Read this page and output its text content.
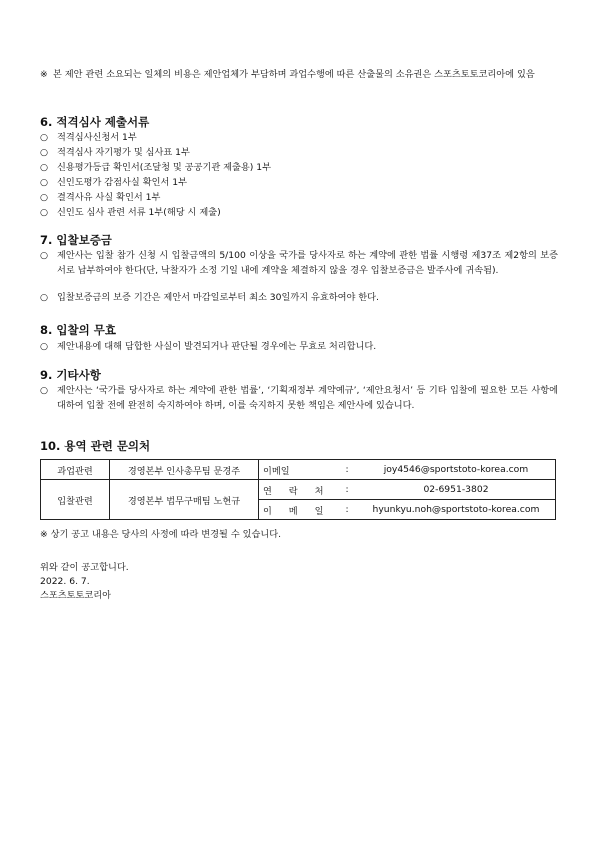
※ 본 제안 관련 소요되는 일체의 비용은 제안업체가 부담하며 과업수행에 따른 산출물의 소유권은 스포츠토토코리아에 있음
6. 적격심사 제출서류
○ 적격심사신청서 1부
○ 적격심사 자기평가 및 심사표 1부
○ 신용평가등급 확인서(조달청 및 공공기관 제출용) 1부
○ 신인도평가 감점사실 확인서 1부
○ 결격사유 사실 확인서 1부
○ 신인도 심사 관련 서류 1부(해당 시 제출)
7. 입찰보증금
○ 제안사는 입찰 참가 신청 시 입찰금액의 5/100 이상을 국가를 당사자로 하는 계약에 관한 법률 시행령 제37조 제2항의 보증서로 납부하여야 한다(단, 낙찰자가 소정 기일 내에 계약을 체결하지 않을 경우 입찰보증금은 발주사에 귀속됨).
○ 입찰보증금의 보증 기간은 제안서 마감일로부터 최소 30일까지 유효하여야 한다.
8. 입찰의 무효
○ 제안내용에 대해 담합한 사실이 발견되거나 판단될 경우에는 무효로 처리합니다.
9. 기타사항
○ 제안사는 ‘국가를 당사자로 하는 계약에 관한 법률’, ‘기획재정부 계약예규’, ‘제안요청서’ 등 기타 입찰에 필요한 모든 사항에 대하여 입찰 전에 완전히 숙지하여야 하며, 이를 숙지하지 못한 책임은 제안사에 있습니다.
10. 용역 관련 문의처
과업관련	경영본부 인사총무팀 문경주	이메일	:	joy4546@sportstoto-korea.com
입찰관련	경영본부 법무구매팀 노현규	연 락 처	:	02-6951-3802
		이 메 일	:	hyunkyu.noh@sportstoto-korea.com
※ 상기 공고 내용은 당사의 사정에 따라 변경될 수 있습니다.
위와 같이 공고합니다.
2022. 6. 7.
스포츠토토코리아
